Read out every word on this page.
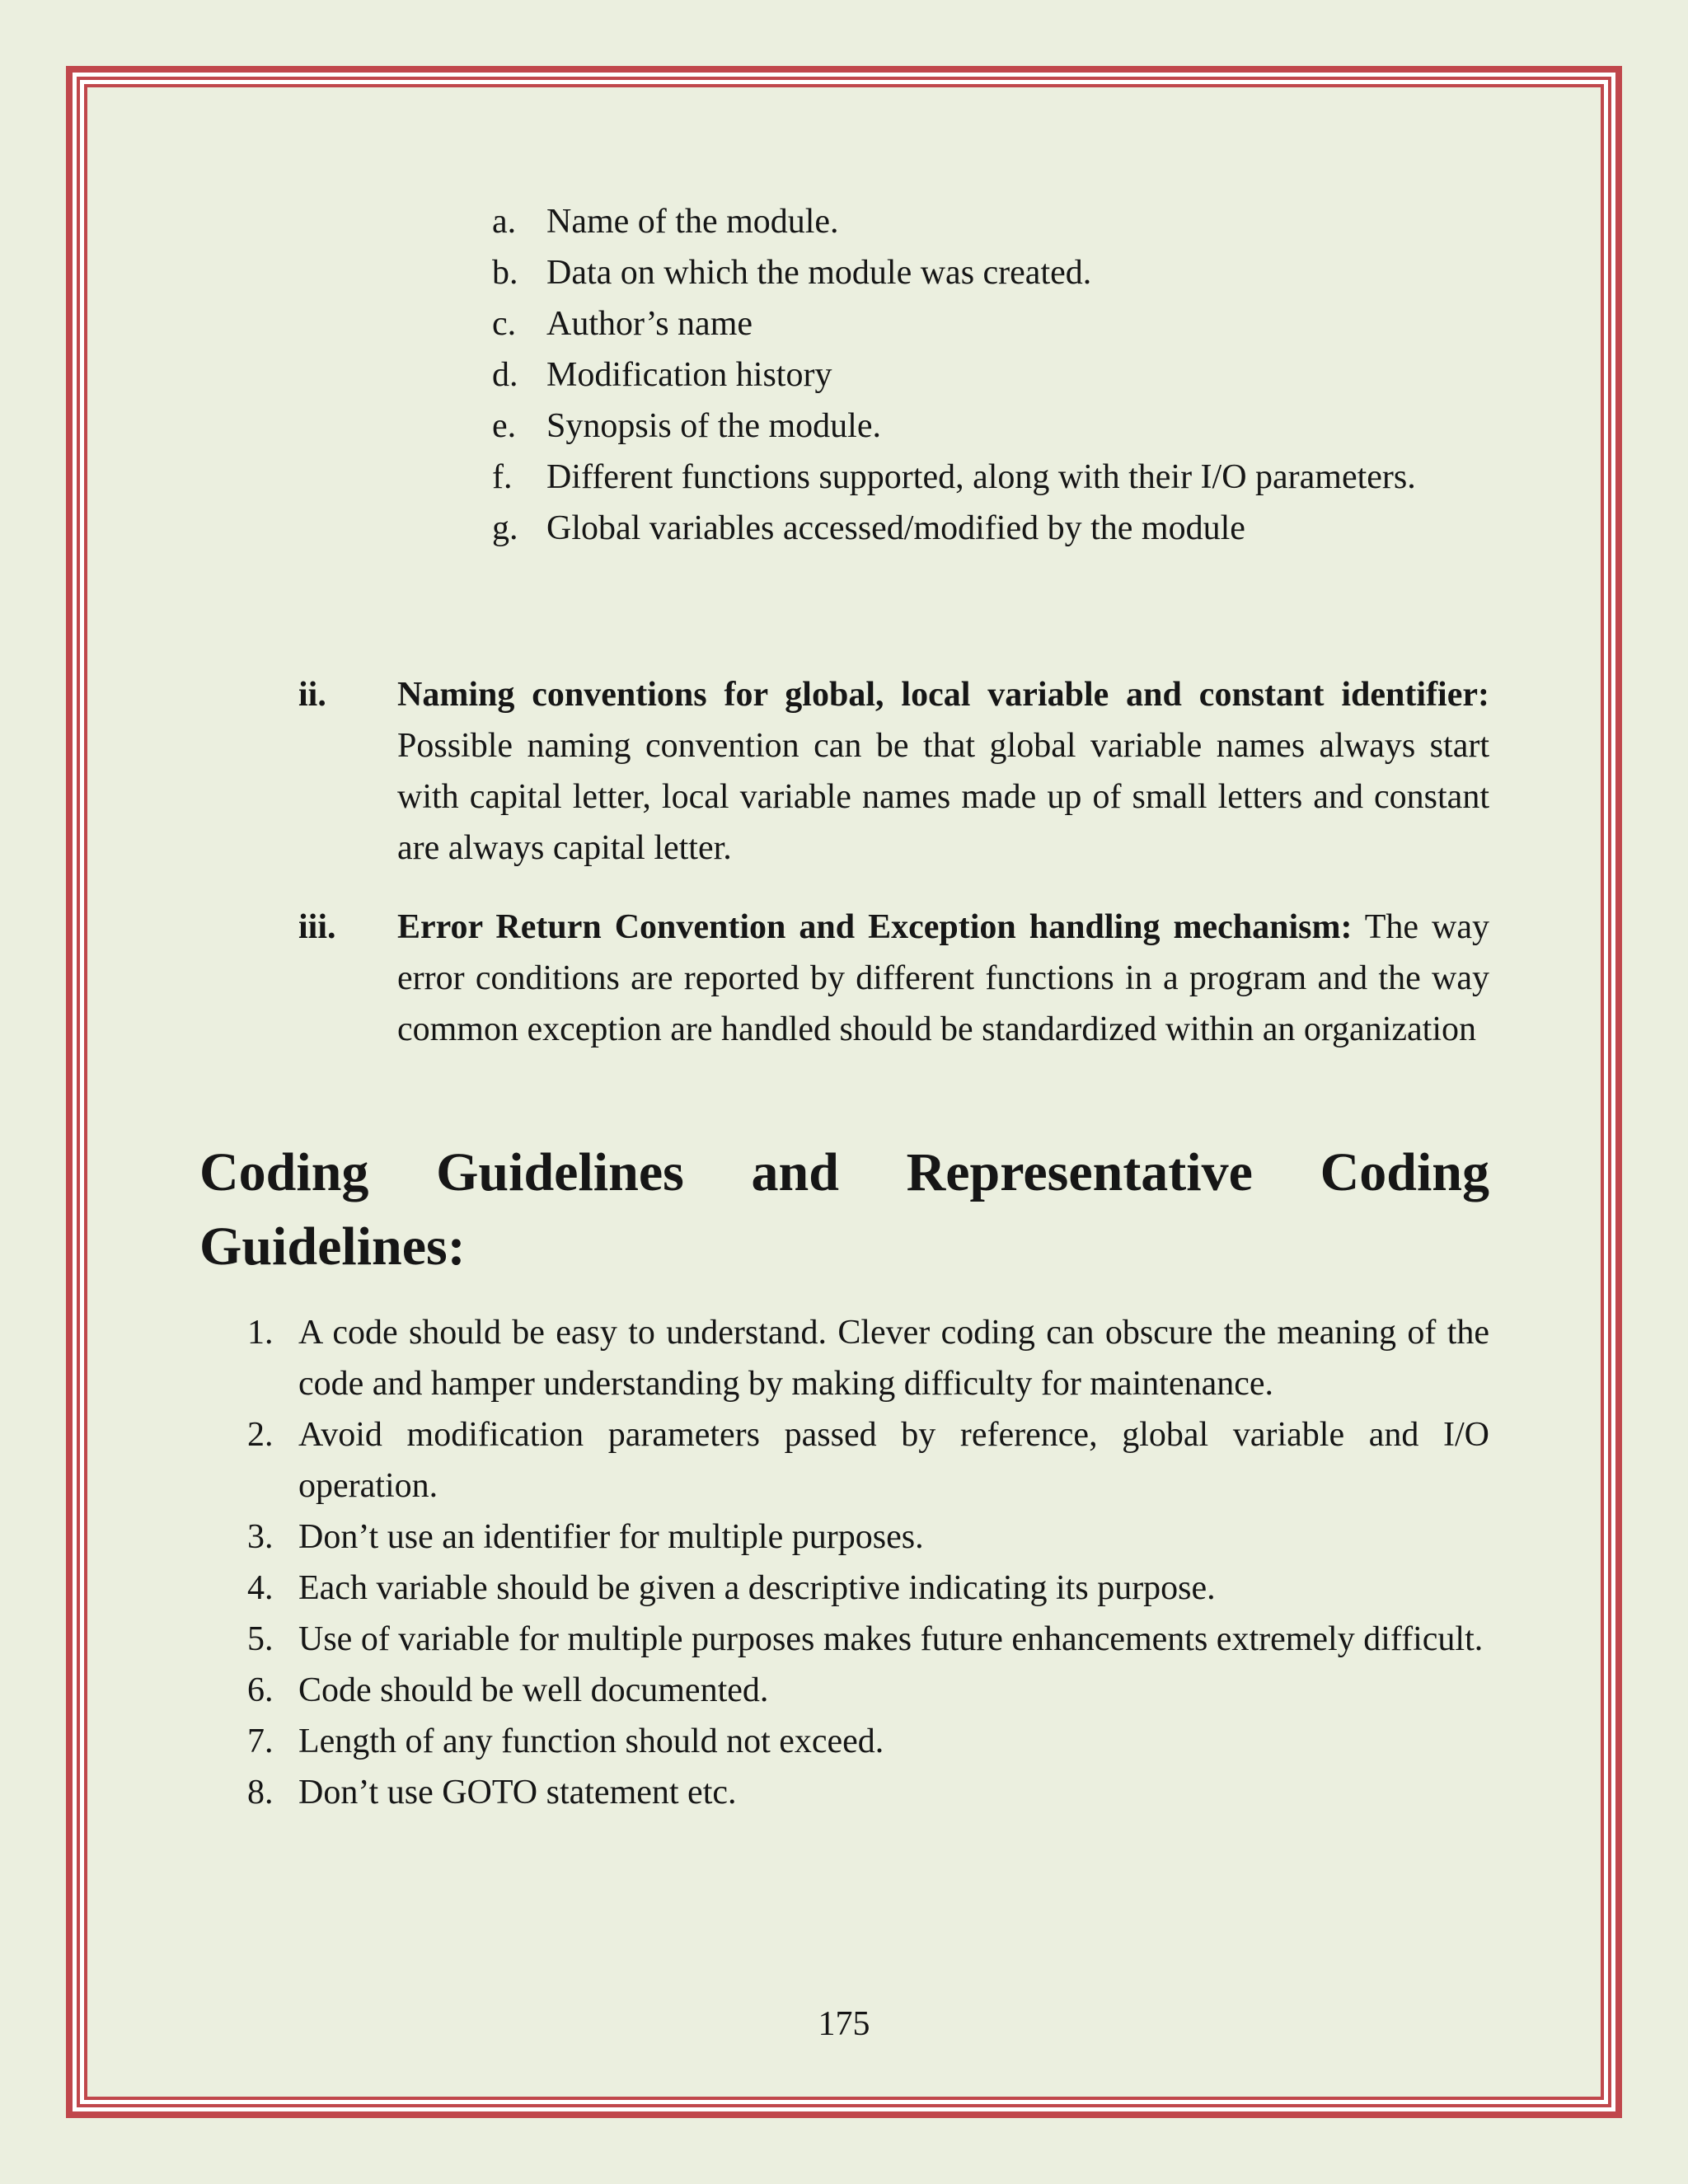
a. Name of the module.
b. Data on which the module was created.
c. Author’s name
d. Modification history
e. Synopsis of the module.
f. Different functions supported, along with their I/O parameters.
g. Global variables accessed/modified by the module
ii.	Naming conventions for global, local variable and constant identifier: Possible naming convention can be that global variable names always start with capital letter, local variable names made up of small letters and constant are always capital letter.
iii.	Error Return Convention and Exception handling mechanism: The way error conditions are reported by different functions in a program and the way common exception are handled should be standardized within an organization
Coding Guidelines and Representative Coding Guidelines:
1. A code should be easy to understand. Clever coding can obscure the meaning of the code and hamper understanding by making difficulty for maintenance.
2. Avoid modification parameters passed by reference, global variable and I/O operation.
3. Don’t use an identifier for multiple purposes.
4. Each variable should be given a descriptive indicating its purpose.
5. Use of variable for multiple purposes makes future enhancements extremely difficult.
6. Code should be well documented.
7. Length of any function should not exceed.
8. Don’t use GOTO statement etc.
175
